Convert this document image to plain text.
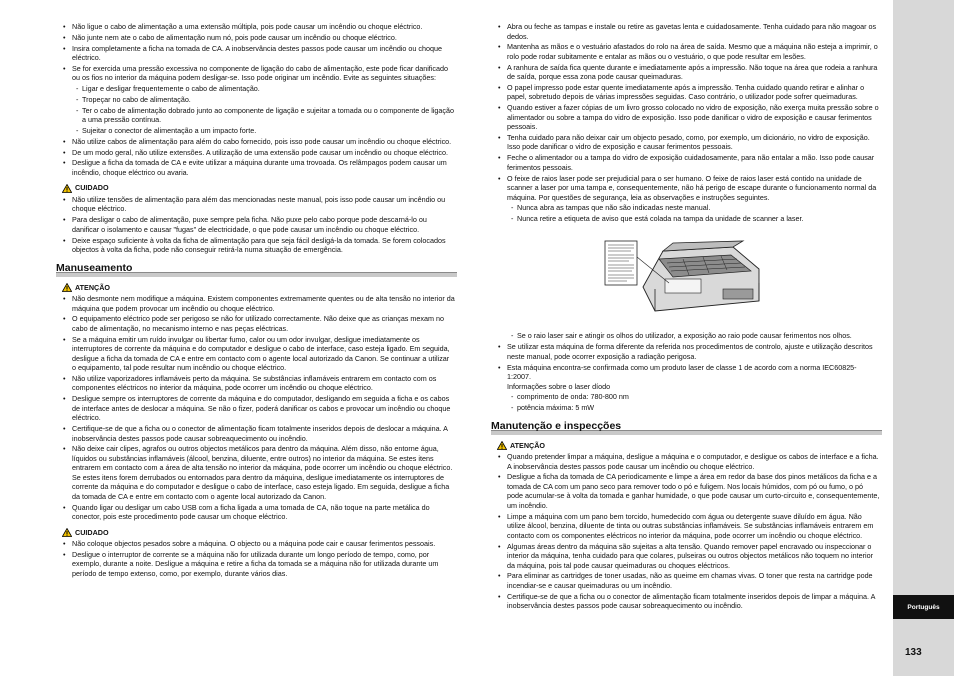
• Não ligue o cabo de alimentação a uma extensão múltipla, pois pode causar um incêndio ou choque eléctrico.
• Não junte nem ate o cabo de alimentação num nó, pois pode causar um incêndio ou choque eléctrico.
• Insira completamente a ficha na tomada de CA. A inobservância destes passos pode causar um incêndio ou choque eléctrico.
• Se for exercida uma pressão excessiva no componente de ligação do cabo de alimentação, este pode ficar danificado ou os fios no interior da máquina podem desligar-se. Isso pode originar um incêndio. Evite as seguintes situações:
- Ligar e desligar frequentemente o cabo de alimentação.
- Tropeçar no cabo de alimentação.
- Ter o cabo de alimentação dobrado junto ao componente de ligação e sujeitar a tomada ou o componente de ligação a uma pressão contínua.
- Sujeitar o conector de alimentação a um impacto forte.
• Não utilize cabos de alimentação para além do cabo fornecido, pois isso pode causar um incêndio ou choque eléctrico.
• De um modo geral, não utilize extensões. A utilização de uma extensão pode causar um incêndio ou choque eléctrico.
• Desligue a ficha da tomada de CA e evite utilizar a máquina durante uma trovoada. Os relâmpagos podem causar um incêndio, choque eléctrico ou avaria.
CUIDADO
• Não utilize tensões de alimentação para além das mencionadas neste manual, pois isso pode causar um incêndio ou choque eléctrico.
• Para desligar o cabo de alimentação, puxe sempre pela ficha. Não puxe pelo cabo porque pode descarná-lo ou danificar o isolamento e causar "fugas" de electricidade, o que pode causar um incêndio ou choque eléctrico.
• Deixe espaço suficiente à volta da ficha de alimentação para que seja fácil desligá-la da tomada. Se forem colocados objectos à volta da ficha, pode não conseguir retirá-la numa situação de emergência.
Manuseamento
ATENÇÃO
• Não desmonte nem modifique a máquina. Existem componentes extremamente quentes ou de alta tensão no interior da máquina que podem provocar um incêndio ou choque eléctrico.
• O equipamento eléctrico pode ser perigoso se não for utilizado correctamente. Não deixe que as crianças mexam no cabo de alimentação, no mecanismo interno e nas peças eléctricas.
• Se a máquina emitir um ruído invulgar ou libertar fumo, calor ou um odor invulgar, desligue imediatamente os interruptores de corrente da máquina e do computador e desligue o cabo de interface, caso esteja ligado. Em seguida, desligue a ficha da tomada de CA e entre em contacto com o agente local autorizado da Canon. Se continuar a utilizar o equipamento, tal pode resultar num incêndio ou choque eléctrico.
• Não utilize vaporizadores inflamáveis perto da máquina. Se substâncias inflamáveis entrarem em contacto com os componentes eléctricos no interior da máquina, pode ocorrer um incêndio ou choque eléctrico.
• Desligue sempre os interruptores de corrente da máquina e do computador, desligando em seguida a ficha e os cabos de interface antes de deslocar a máquina. Se não o fizer, poderá danificar os cabos e provocar um incêndio ou choque eléctrico.
• Certifique-se de que a ficha ou o conector de alimentação ficam totalmente inseridos depois de deslocar a máquina. A inobservância destes passos pode causar sobreaquecimento ou incêndio.
• Não deixe cair clipes, agrafos ou outros objectos metálicos para dentro da máquina. Além disso, não entorne água, líquidos ou substâncias inflamáveis (álcool, benzina, diluente, entre outros) no interior da máquina. Se estes itens entrarem em contacto com a área de alta tensão no interior da máquina, pode ocorrer um incêndio ou choque eléctrico. Se estes itens forem derrubados ou entornados para dentro da máquina, desligue imediatamente os interruptores de corrente da máquina e do computador e desligue o cabo de interface, caso esteja ligado. Em seguida, desligue a ficha da tomada de CA e entre em contacto com o agente local autorizado da Canon.
• Quando ligar ou desligar um cabo USB com a ficha ligada a uma tomada de CA, não toque na parte metálica do conector, pois este procedimento pode causar um choque eléctrico.
CUIDADO
• Não coloque objectos pesados sobre a máquina. O objecto ou a máquina pode cair e causar ferimentos pessoais.
• Desligue o interruptor de corrente se a máquina não for utilizada durante um longo período de tempo, como, por exemplo, durante a noite. Desligue a máquina e retire a ficha da tomada se a máquina não for utilizada durante um período de tempo extenso, como, por exemplo, durante vários dias.
• Abra ou feche as tampas e instale ou retire as gavetas lenta e cuidadosamente. Tenha cuidado para não magoar os dedos.
• Mantenha as mãos e o vestuário afastados do rolo na área de saída. Mesmo que a máquina não esteja a imprimir, o rolo pode rodar subitamente e entalar as mãos ou o vestuário, o que pode resultar em lesões.
• A ranhura de saída fica quente durante e imediatamente após a impressão. Não toque na área que rodeia a ranhura de saída, porque essa zona pode causar queimaduras.
• O papel impresso pode estar quente imediatamente após a impressão. Tenha cuidado quando retirar e alinhar o papel, sobretudo depois de várias impressões seguidas. Caso contrário, o utilizador pode sofrer queimaduras.
• Quando estiver a fazer cópias de um livro grosso colocado no vidro de exposição, não exerça muita pressão sobre o alimentador ou sobre a tampa do vidro de exposição. Isso pode danificar o vidro de exposição e causar ferimentos pessoais.
• Tenha cuidado para não deixar cair um objecto pesado, como, por exemplo, um dicionário, no vidro de exposição. Isso pode danificar o vidro de exposição e causar ferimentos pessoais.
• Feche o alimentador ou a tampa do vidro de exposição cuidadosamente, para não entalar a mão. Isso pode causar ferimentos pessoais.
• O feixe de raios laser pode ser prejudicial para o ser humano. O feixe de raios laser está contido na unidade de scanner a laser por uma tampa e, consequentemente, não há perigo de escape durante o funcionamento normal da máquina. Por questões de segurança, leia as observações e instruções seguintes.
- Nunca abra as tampas que não são indicadas neste manual.
- Nunca retire a etiqueta de aviso que está colada na tampa da unidade de scanner a laser.
- Se o raio laser sair e atingir os olhos do utilizador, a exposição ao raio pode causar ferimentos nos olhos.
• Se utilizar esta máquina de forma diferente da referida nos procedimentos de controlo, ajuste e utilização descritos neste manual, pode ocorrer exposição a radiação perigosa.
• Esta máquina encontra-se confirmada como um produto laser de classe 1 de acordo com a norma IEC60825-1:2007.
Informações sobre o laser díodo
- comprimento de onda: 780-800 nm
- potência máxima: 5 mW
Manutenção e inspecções
ATENÇÃO
• Quando pretender limpar a máquina, desligue a máquina e o computador, e desligue os cabos de interface e a ficha. A inobservância destes passos pode causar um incêndio ou choque eléctrico.
• Desligue a ficha da tomada de CA periodicamente e limpe a área em redor da base dos pinos metálicos da ficha e a tomada de CA com um pano seco para remover todo o pó e fuligem. Nos locais húmidos, com pó ou fumo, o pó pode acumular-se à volta da tomada e ganhar humidade, o que pode causar um curto-circuito e, consequentemente, um incêndio.
• Limpe a máquina com um pano bem torcido, humedecido com água ou detergente suave diluído em água. Não utilize álcool, benzina, diluente de tinta ou outras substâncias inflamáveis. Se substâncias inflamáveis entrarem em contacto com os componentes eléctricos no interior da máquina, pode ocorrer um incêndio ou choque eléctrico.
• Algumas áreas dentro da máquina são sujeitas a alta tensão. Quando remover papel encravado ou inspeccionar o interior da máquina, tenha cuidado para que colares, pulseiras ou outros objectos metálicos não toquem no interior da máquina, pois tal pode causar queimaduras ou choques eléctricos.
• Para eliminar as cartridges de toner usadas, não as queime em chamas vivas. O toner que resta na cartridge pode incendiar-se e causar queimaduras ou um incêndio.
• Certifique-se de que a ficha ou o conector de alimentação ficam totalmente inseridos depois de limpar a máquina. A inobservância destes passos pode causar sobreaquecimento ou incêndio.	Português
133
